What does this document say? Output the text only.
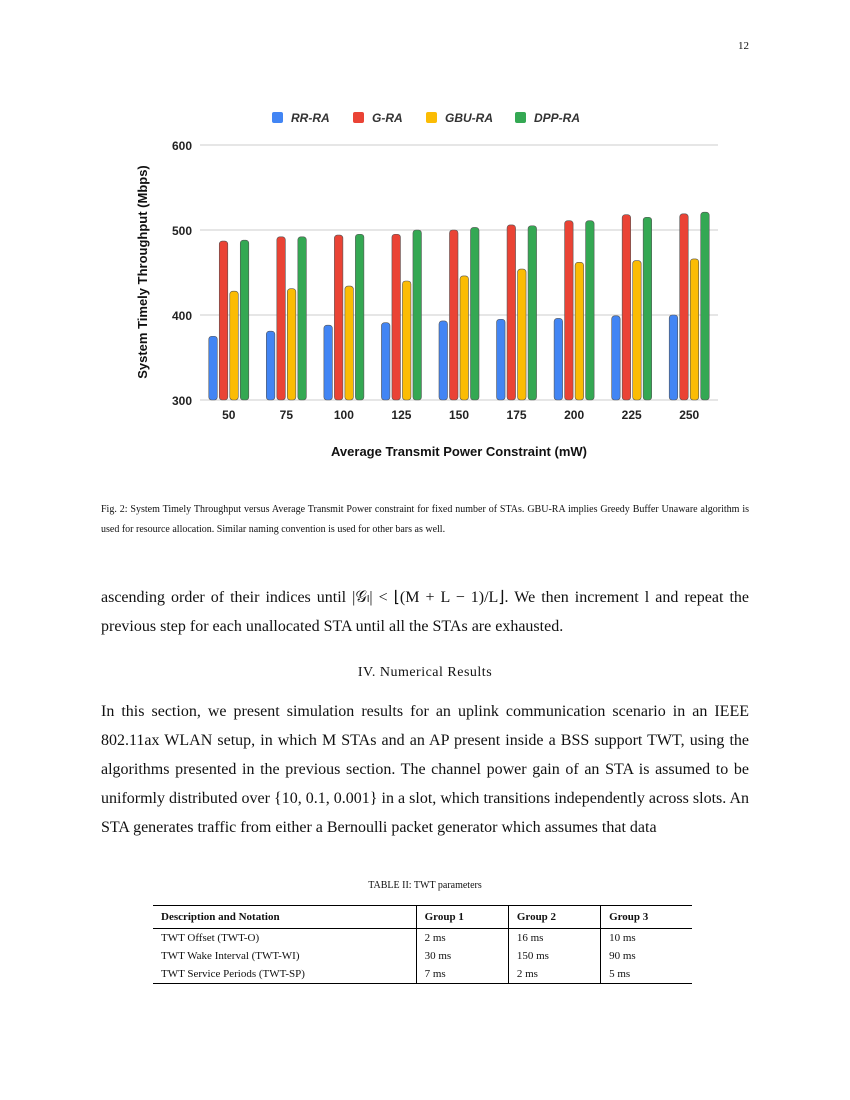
12
300
400
500
600
50	75	100	125	150	175	200	225	250
Average Transmit Power Constraint (mW)
System Timely Throughput (Mbps)
RR-RA	G-RA	GBU-RA	DPP-RA
Fig. 2: System Timely Throughput versus Average Transmit Power constraint for fixed number of STAs. GBU-RA implies Greedy Buffer Unaware algorithm is used for resource allocation. Similar naming convention is used for other bars as well.
ascending order of their indices until |𝒢ₗ| < ⌊(M + L − 1)/L⌋. We then increment l and repeat the previous step for each unallocated STA until all the STAs are exhausted.
IV. Numerical Results
In this section, we present simulation results for an uplink communication scenario in an IEEE 802.11ax WLAN setup, in which M STAs and an AP present inside a BSS support TWT, using the algorithms presented in the previous section. The channel power gain of an STA is assumed to be uniformly distributed over {10, 0.1, 0.001} in a slot, which transitions independently across slots. An STA generates traffic from either a Bernoulli packet generator which assumes that data
TABLE II: TWT parameters
Description and Notation	Group 1	Group 2	Group 3
TWT Offset (TWT-O)	2 ms	16 ms	10 ms
TWT Wake Interval (TWT-WI)	30 ms	150 ms	90 ms
TWT Service Periods (TWT-SP)	7 ms	2 ms	5 ms
